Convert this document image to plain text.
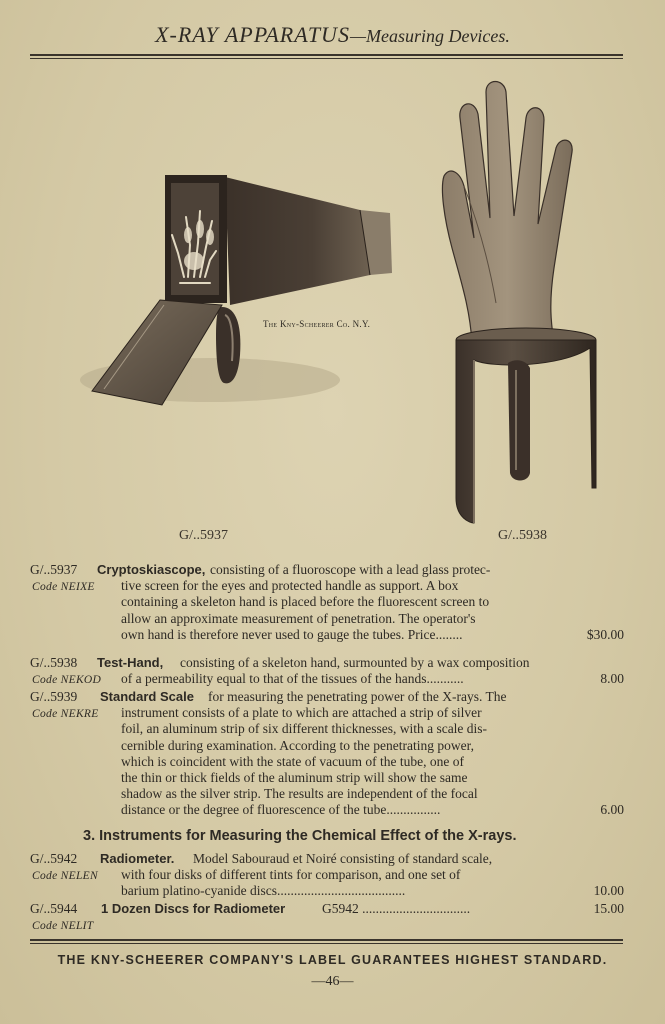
X-RAY APPARATUS—Measuring Devices.
The Kny-Scheerer Co. N.Y.
G/..5937	G/..5938
G/..5937 Cryptoskiascope, consisting of a fluoroscope with a lead glass protec-
Code NEIXE tive screen for the eyes and protected handle as support. A box
containing a skeleton hand is placed before the fluorescent screen to
allow an approximate measurement of penetration. The operator's
own hand is therefore never used to gauge the tubes. Price........	$30.00
G/..5938 Test-Hand, consisting of a skeleton hand, surmounted by a wax composition
Code NEKOD of a permeability equal to that of the tissues of the hands...........	8.00
G/..5939 Standard Scale for measuring the penetrating power of the X-rays. The
Code NEKRE instrument consists of a plate to which are attached a strip of silver
foil, an aluminum strip of six different thicknesses, with a scale dis-
cernible during examination. According to the penetrating power,
which is coincident with the state of vacuum of the tube, one of
the thin or thick fields of the aluminum strip will show the same
shadow as the silver strip. The results are independent of the focal
distance or the degree of fluorescence of the tube................	6.00
3. Instruments for Measuring the Chemical Effect of the X-rays.
G/..5942 Radiometer. Model Sabouraud et Noiré consisting of standard scale,
Code NELEN with four disks of different tints for comparison, and one set of
barium platino-cyanide discs......................................	10.00
G/..5944 1 Dozen Discs for Radiometer	G5942 ................................	15.00
Code NELIT
THE KNY-SCHEERER COMPANY'S LABEL GUARANTEES HIGHEST STANDARD.
—46—
